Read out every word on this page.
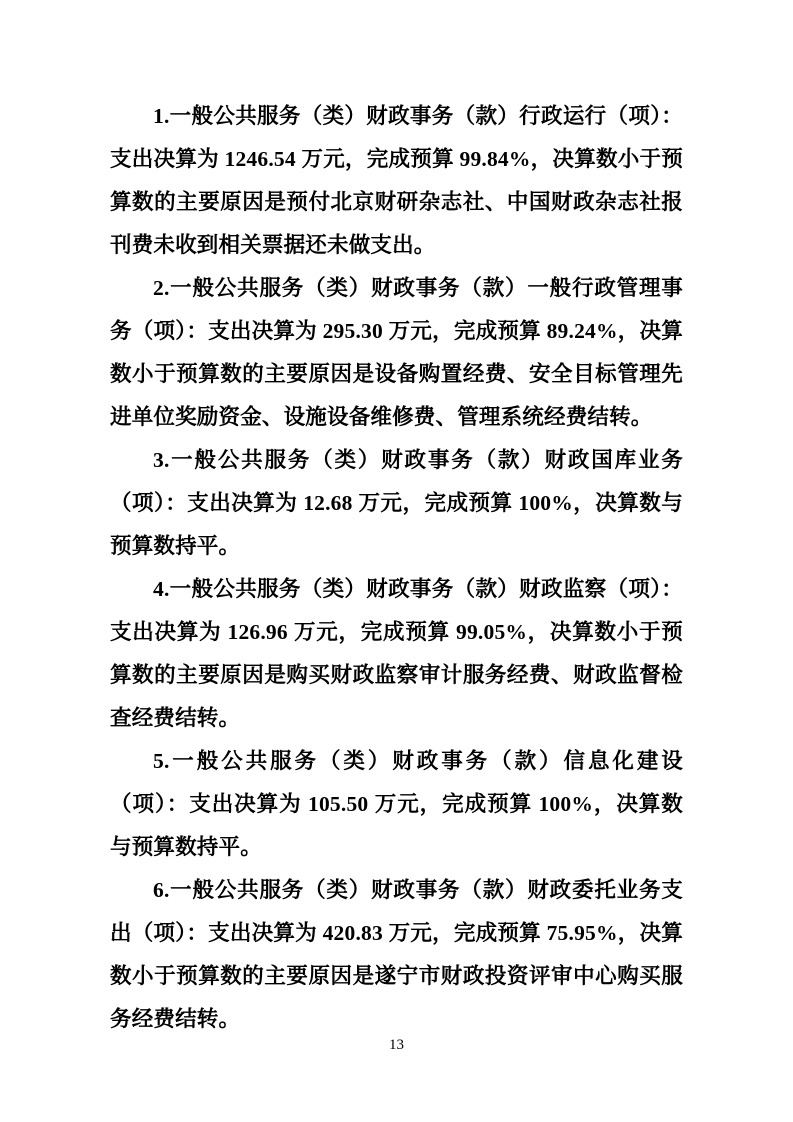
1.一般公共服务（类）财政事务（款）行政运行（项）：支出决算为 1246.54 万元，完成预算 99.84%，决算数小于预算数的主要原因是预付北京财研杂志社、中国财政杂志社报刊费未收到相关票据还未做支出。

2.一般公共服务（类）财政事务（款）一般行政管理事务（项）：支出决算为 295.30 万元，完成预算 89.24%，决算数小于预算数的主要原因是设备购置经费、安全目标管理先进单位奖励资金、设施设备维修费、管理系统经费结转。

3.一般公共服务（类）财政事务（款）财政国库业务（项）：支出决算为 12.68 万元，完成预算 100%，决算数与预算数持平。

4.一般公共服务（类）财政事务（款）财政监察（项）：支出决算为 126.96 万元，完成预算 99.05%，决算数小于预算数的主要原因是购买财政监察审计服务经费、财政监督检查经费结转。

5.一般公共服务（类）财政事务（款）信息化建设（项）：支出决算为 105.50 万元，完成预算 100%，决算数与预算数持平。

6.一般公共服务（类）财政事务（款）财政委托业务支出（项）：支出决算为 420.83 万元，完成预算 75.95%，决算数小于预算数的主要原因是遂宁市财政投资评审中心购买服务经费结转。

13
